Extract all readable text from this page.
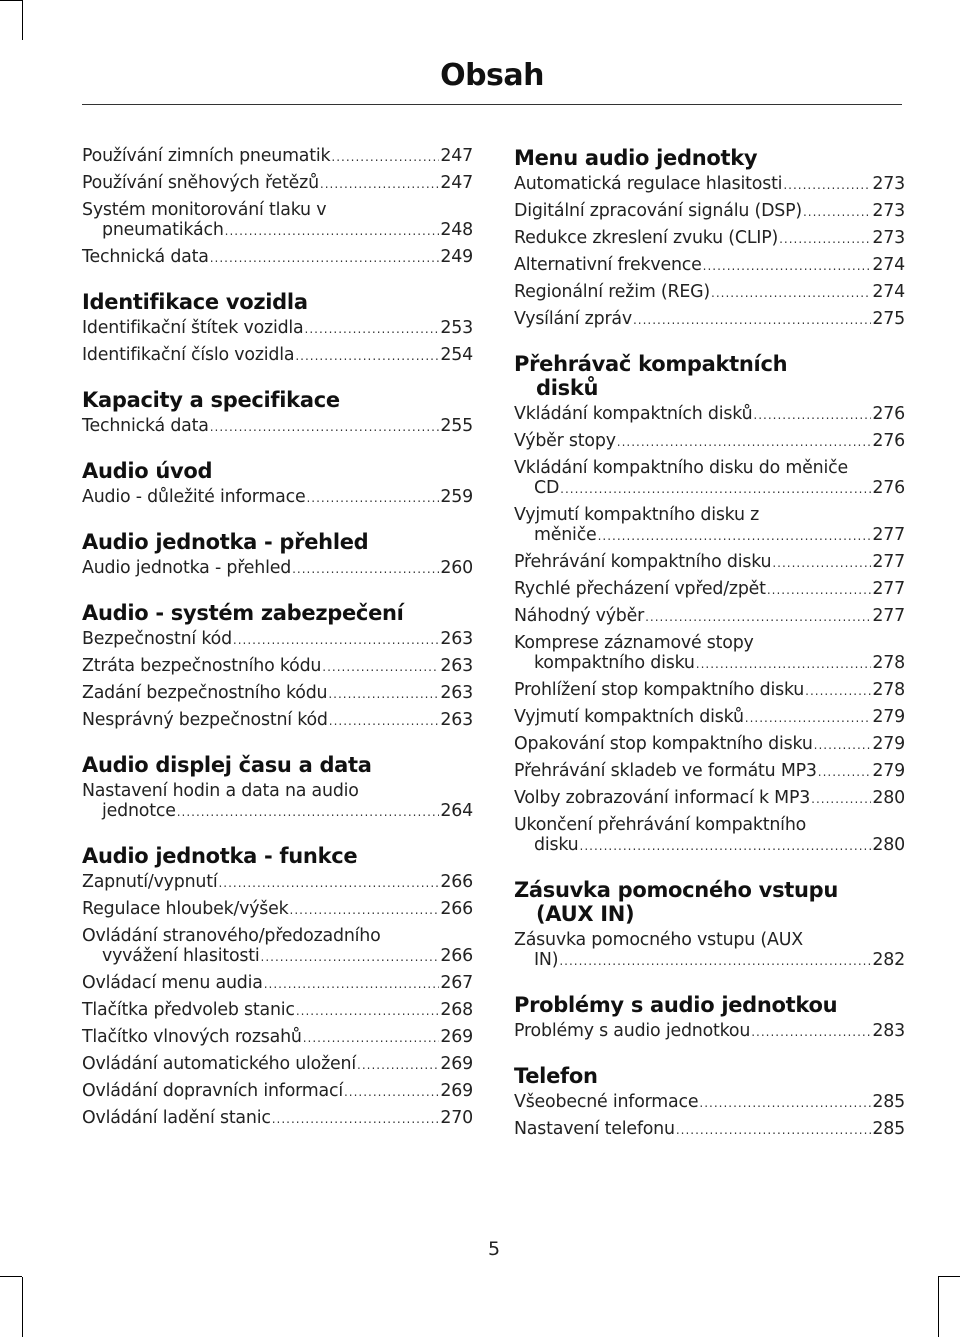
Obsah
Používání zimních pneumatik .....	247
Používání sněhových řetězů .....	247
Systém monitorování tlaku v
pneumatikách .....	248
Technická data .....	249
Identifikace vozidla
Identifikační štítek vozidla .....	253
Identifikační číslo vozidla .....	254
Kapacity a specifikace
Technická data .....	255
Audio úvod
Audio - důležité informace .....	259
Audio jednotka - přehled
Audio jednotka - přehled .....	260
Audio - systém zabezpečení
Bezpečnostní kód .....	263
Ztráta bezpečnostního kódu .....	263
Zadání bezpečnostního kódu .....	263
Nesprávný bezpečnostní kód .....	263
Audio displej času a data
Nastavení hodin a data na audio
jednotce .....	264
Audio jednotka - funkce
Zapnutí/vypnutí .....	266
Regulace hloubek/výšek .....	266
Ovládání stranového/předozadního
vyvážení hlasitosti .....	266
Ovládací menu audia .....	267
Tlačítka předvoleb stanic .....	268
Tlačítko vlnových rozsahů .....	269
Ovládání automatického uložení .....	269
Ovládání dopravních informací .....	269
Ovládání ladění stanic .....	270
Menu audio jednotky
Automatická regulace hlasitosti .....	273
Digitální zpracování signálu (DSP) .....	273
Redukce zkreslení zvuku (CLIP) .....	273
Alternativní frekvence .....	274
Regionální režim (REG) .....	274
Vysílání zpráv .....	275
Přehrávač kompaktních
disků
Vkládání kompaktních disků .....	276
Výběr stopy .....	276
Vkládání kompaktního disku do měniče
CD .....	276
Vyjmutí kompaktního disku z
měniče .....	277
Přehrávání kompaktního disku .....	277
Rychlé přecházení vpřed/zpět .....	277
Náhodný výběr .....	277
Komprese záznamové stopy
kompaktního disku .....	278
Prohlížení stop kompaktního disku .....	278
Vyjmutí kompaktních disků .....	279
Opakování stop kompaktního disku .....	279
Přehrávání skladeb ve formátu MP3 .....	279
Volby zobrazování informací k MP3 .....	280
Ukončení přehrávání kompaktního
disku .....	280
Zásuvka pomocného vstupu
(AUX IN)
Zásuvka pomocného vstupu (AUX
IN) .....	282
Problémy s audio jednotkou
Problémy s audio jednotkou .....	283
Telefon
Všeobecné informace .....	285
Nastavení telefonu .....	285
5
